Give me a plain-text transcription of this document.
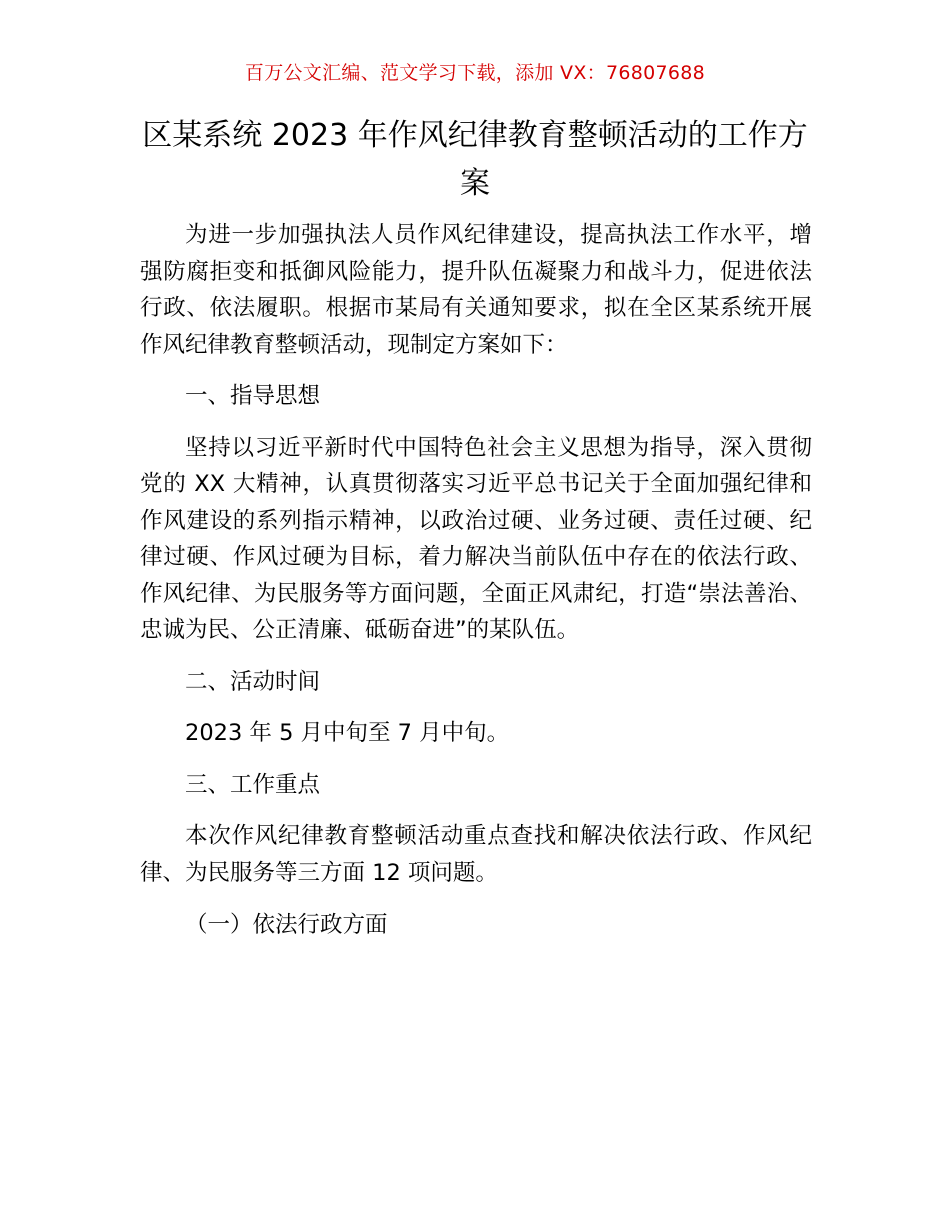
百万公文汇编、范文学习下载，添加 VX：76807688
区某系统 2023 年作风纪律教育整顿活动的工作方案

为进一步加强执法人员作风纪律建设，提高执法工作水平，增强防腐拒变和抵御风险能力，提升队伍凝聚力和战斗力，促进依法行政、依法履职。根据市某局有关通知要求，拟在全区某系统开展作风纪律教育整顿活动，现制定方案如下：

一、指导思想

坚持以习近平新时代中国特色社会主义思想为指导，深入贯彻党的 XX 大精神，认真贯彻落实习近平总书记关于全面加强纪律和作风建设的系列指示精神，以政治过硬、业务过硬、责任过硬、纪律过硬、作风过硬为目标，着力解决当前队伍中存在的依法行政、作风纪律、为民服务等方面问题，全面正风肃纪，打造“崇法善治、忠诚为民、公正清廉、砥砺奋进”的某队伍。

二、活动时间

2023 年 5 月中旬至 7 月中旬。

三、工作重点

本次作风纪律教育整顿活动重点查找和解决依法行政、作风纪律、为民服务等三方面 12 项问题。

（一）依法行政方面
